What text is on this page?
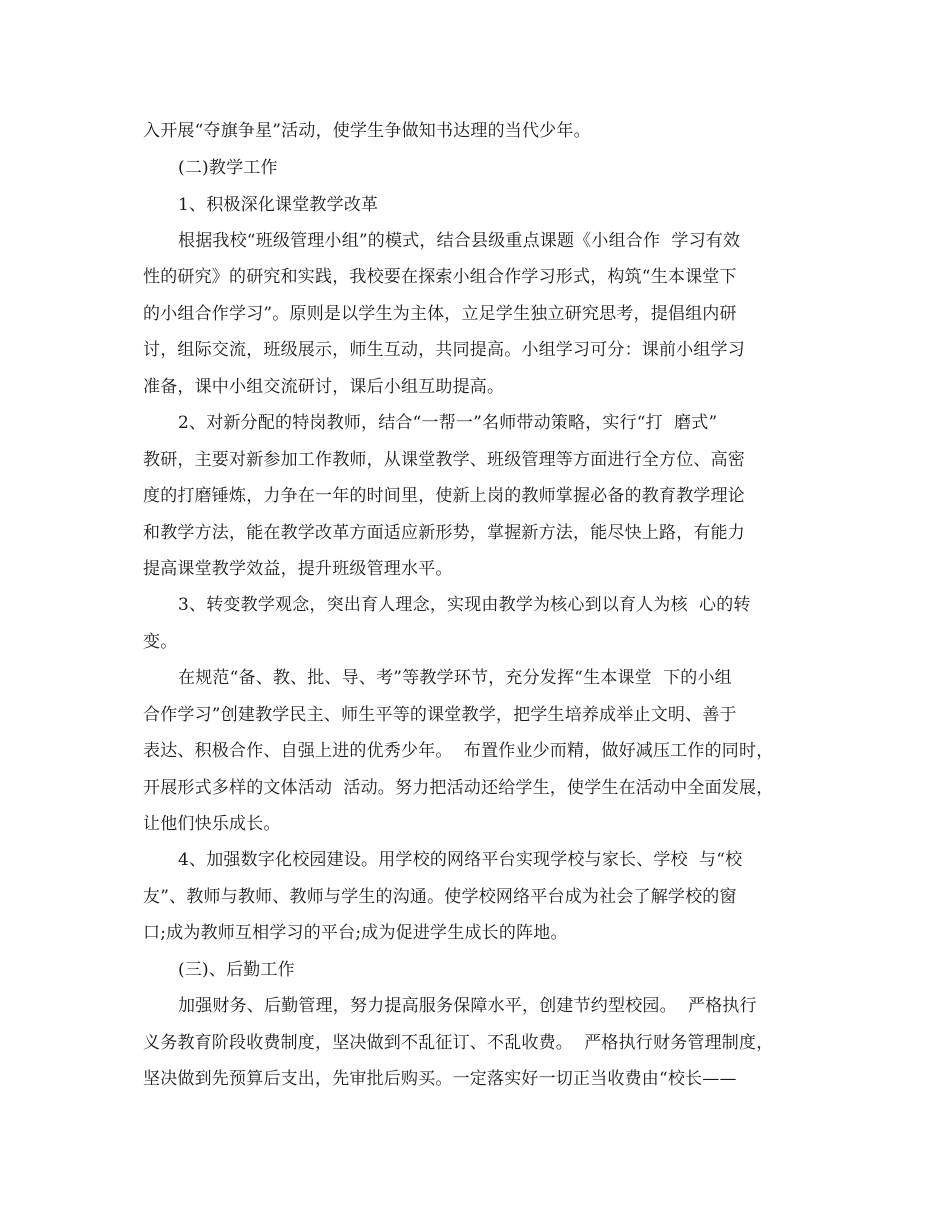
入开展“夺旗争星”活动，使学生争做知书达理的当代少年。
(二)教学工作
1、积极深化课堂教学改革
根据我校“班级管理小组”的模式，结合县级重点课题《小组合作  学习有效
性的研究》的研究和实践，我校要在探索小组合作学习形式，构筑“生本课堂下
的小组合作学习”。原则是以学生为主体，立足学生独立研究思考，提倡组内研
讨，组际交流，班级展示，师生互动，共同提高。小组学习可分：课前小组学习
准备，课中小组交流研讨，课后小组互助提高。
2、对新分配的特岗教师，结合“一帮一”名师带动策略，实行“打  磨式”
教研，主要对新参加工作教师，从课堂教学、班级管理等方面进行全方位、高密
度的打磨锤炼，力争在一年的时间里，使新上岗的教师掌握必备的教育教学理论
和教学方法，能在教学改革方面适应新形势，掌握新方法，能尽快上路，有能力
提高课堂教学效益，提升班级管理水平。
3、转变教学观念，突出育人理念，实现由教学为核心到以育人为核  心的转
变。
在规范“备、教、批、导、考”等教学环节，充分发挥“生本课堂  下的小组
合作学习”创建教学民主、师生平等的课堂教学，把学生培养成举止文明、善于
表达、积极合作、自强上进的优秀少年。  布置作业少而精，做好减压工作的同时，
开展形式多样的文体活动  活动。努力把活动还给学生，使学生在活动中全面发展，
让他们快乐成长。
4、加强数字化校园建设。用学校的网络平台实现学校与家长、学校  与“校
友”、教师与教师、教师与学生的沟通。使学校网络平台成为社会了解学校的窗
口;成为教师互相学习的平台;成为促进学生成长的阵地。
(三)、后勤工作
加强财务、后勤管理，努力提高服务保障水平，创建节约型校园。  严格执行
义务教育阶段收费制度，坚决做到不乱征订、不乱收费。  严格执行财务管理制度，
坚决做到先预算后支出，先审批后购买。一定落实好一切正当收费由“校长——
